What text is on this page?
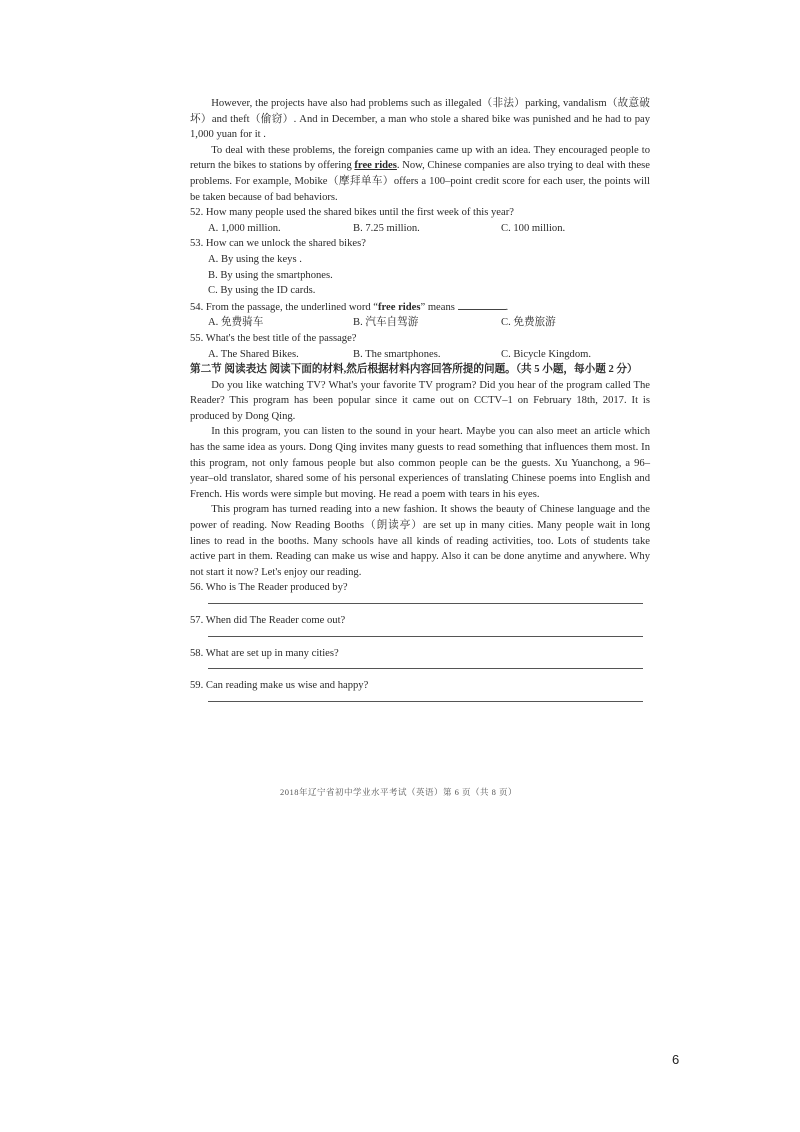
However, the projects have also had problems such as illegaled（非法）parking, vandalism（故意破坏）and theft（偷窃）. And in December, a man who stole a shared bike was punished and he had to pay 1,000 yuan for it .

To deal with these problems, the foreign companies came up with an idea. They encouraged people to return the bikes to stations by offering free rides. Now, Chinese companies are also trying to deal with these problems. For example, Mobike（摩拜单车）offers a 100–point credit score for each user, the points will be taken because of bad behaviors.

52. How many people used the shared bikes until the first week of this year?

A. 1,000 million.	B. 7.25 million.	C. 100 million.

53. How can we unlock the shared bikes?

A. By using the keys .
B. By using the smartphones.
C. By using the ID cards.

54. From the passage, the underlined word “free rides” means	.

A. 免费骑车	B. 汽车自驾游	C. 免费旅游

55. What's the best title of the passage?

A. The Shared Bikes.	B. The smartphones.	C. Bicycle Kingdom.

第二节 阅读表达 阅读下面的材料,然后根据材料内容回答所提的问题。（共 5 小题，每小题 2 分）

Do you like watching TV? What's your favorite TV program? Did you hear of the program called The Reader? This program has been popular since it came out on CCTV–1 on February 18th, 2017. It is produced by Dong Qing.

In this program, you can listen to the sound in your heart. Maybe you can also meet an article which has the same idea as yours. Dong Qing invites many guests to read something that influences them most. In this program, not only famous people but also common people can be the guests. Xu Yuanchong, a 96–year–old translator, shared some of his personal experiences of translating Chinese poems into English and French. His words were simple but moving. He read a poem with tears in his eyes.

This program has turned reading into a new fashion. It shows the beauty of Chinese language and the power of reading. Now Reading Booths（朗读亭）are set up in many cities. Many people wait in long lines to read in the booths. Many schools have all kinds of reading activities, too. Lots of students take active part in them. Reading can make us wise and happy. Also it can be done anytime and anywhere. Why not start it now? Let's enjoy our reading.

56. Who is The Reader produced by?

57. When did The Reader come out?

58. What are set up in many cities?

59. Can reading make us wise and happy?

2018年辽宁省初中学业水平考试（英语）第 6 页（共 8 页）
6
